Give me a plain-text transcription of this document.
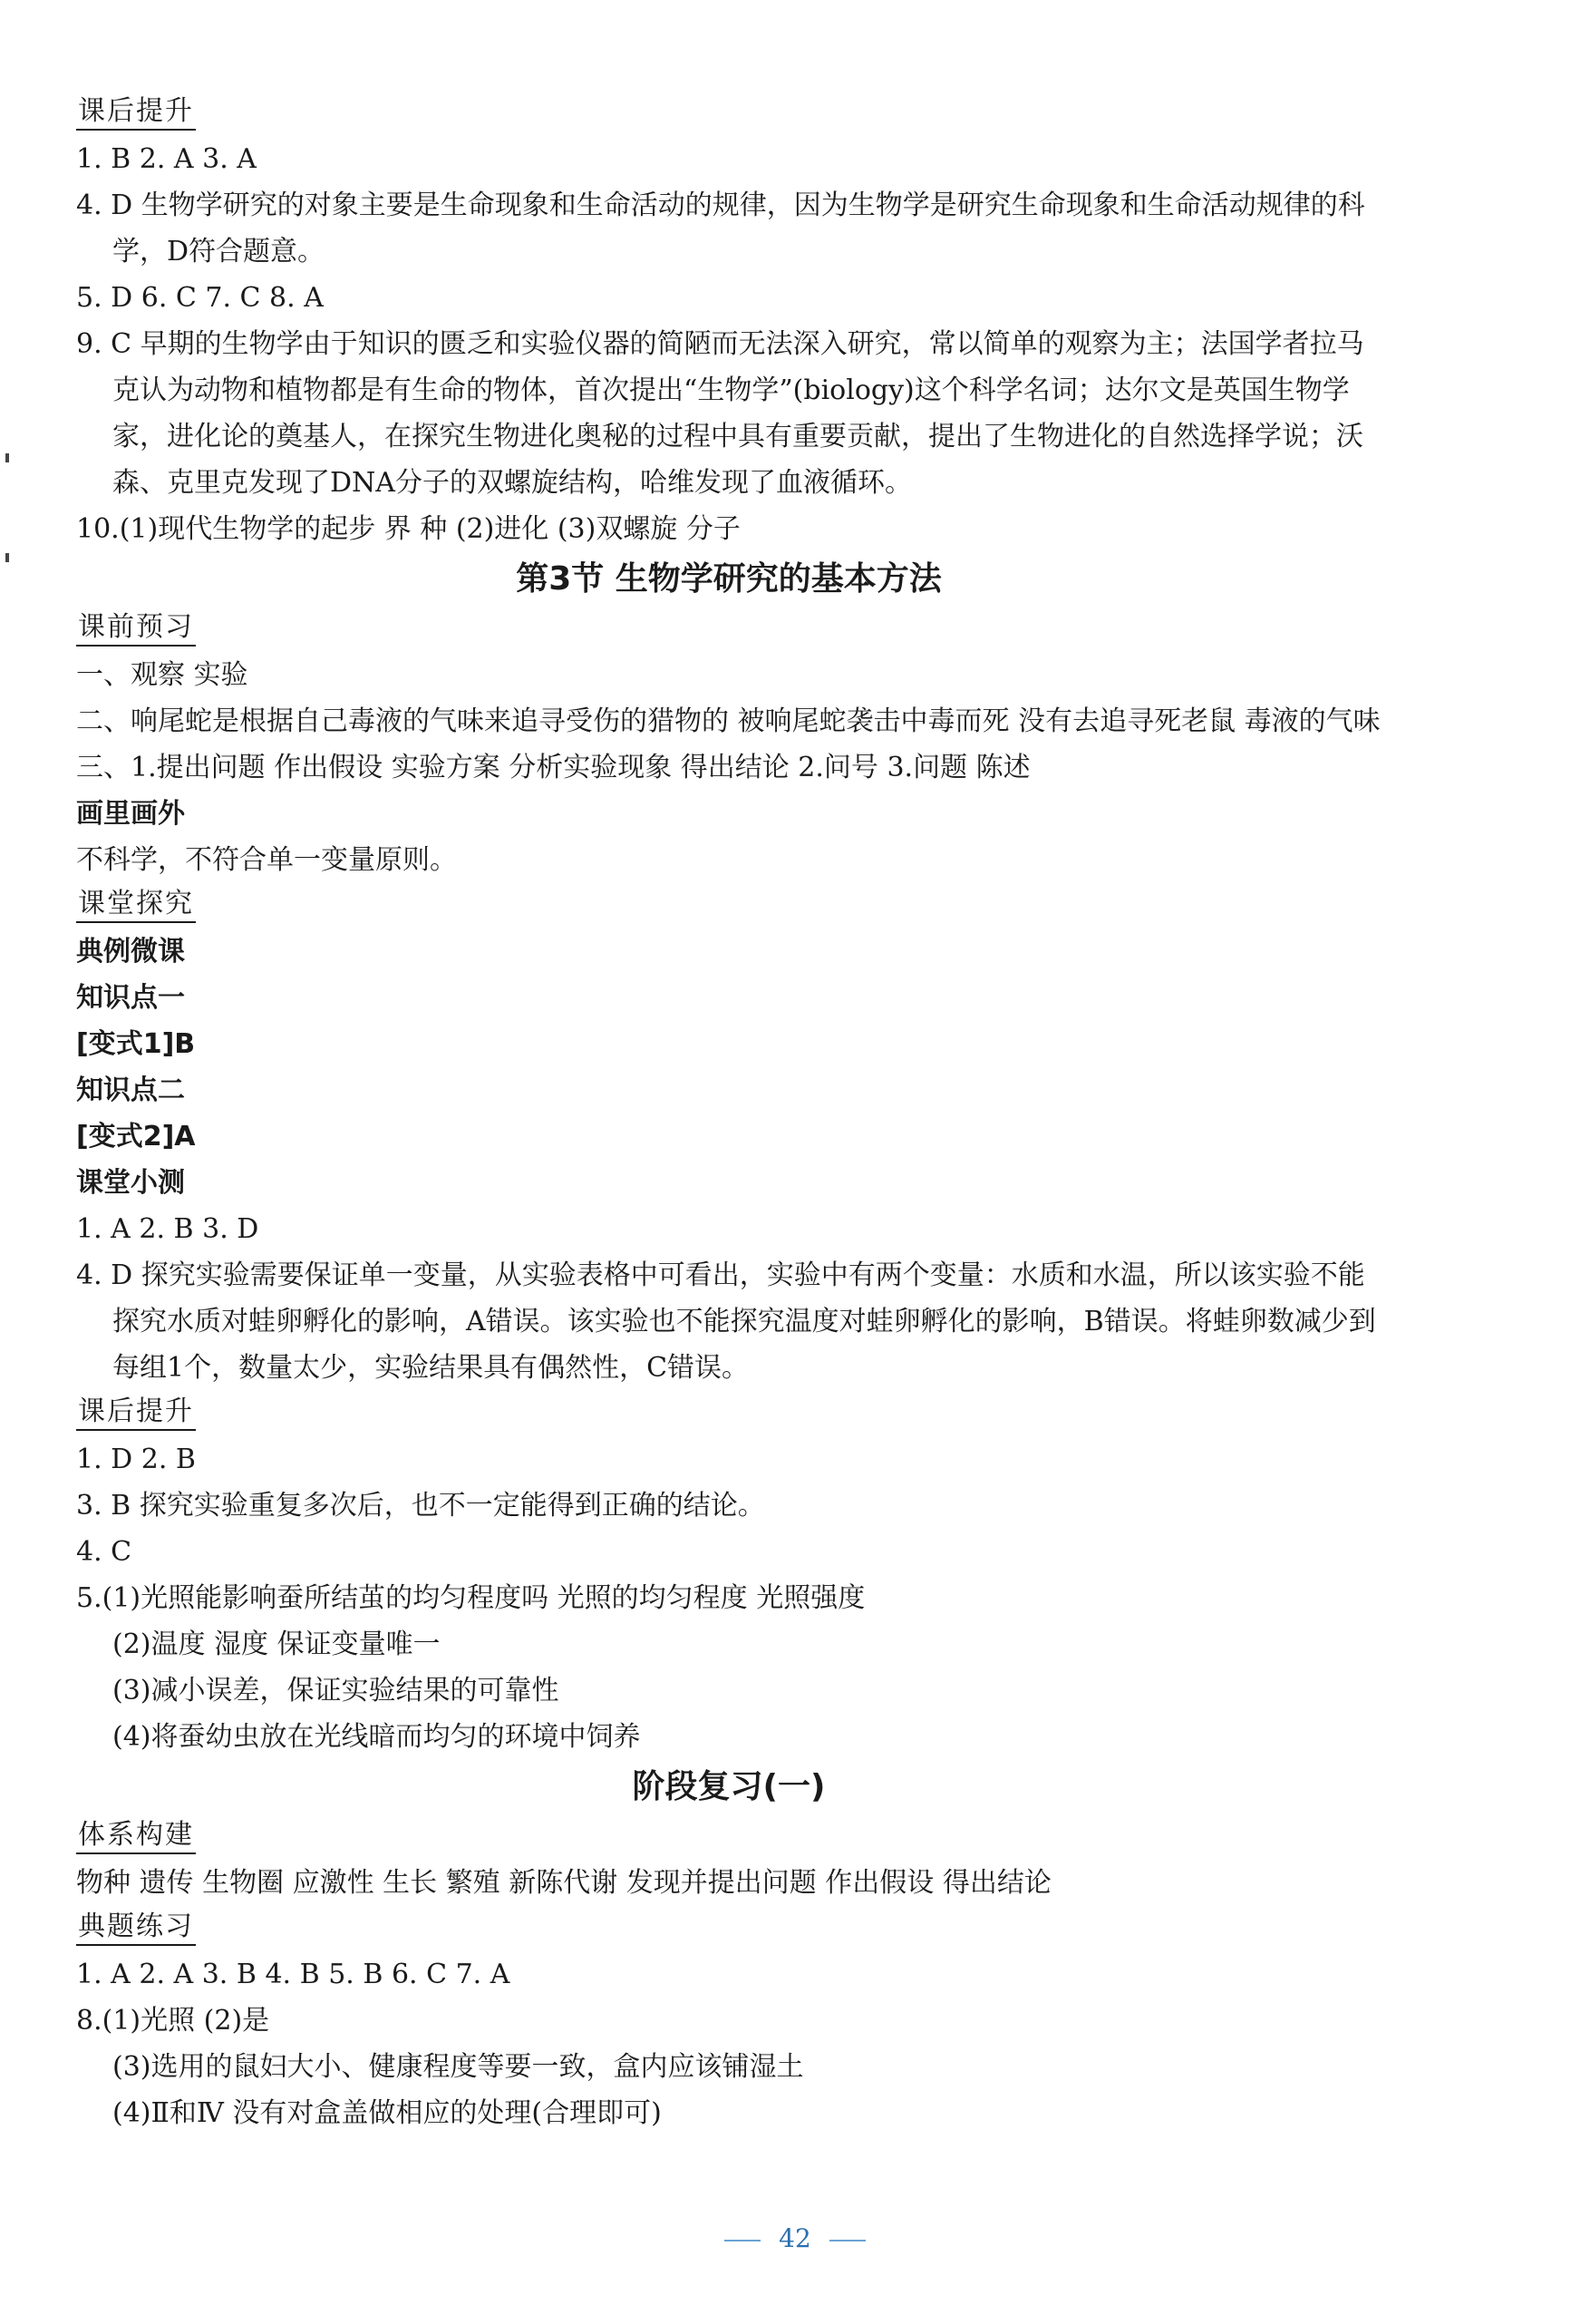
课后提升
1. B 2. A 3. A
4. D 生物学研究的对象主要是生命现象和生命活动的规律，因为生物学是研究生命现象和生命活动规律的科学，D符合题意。
5. D 6. C 7. C 8. A
9. C 早期的生物学由于知识的匮乏和实验仪器的简陋而无法深入研究，常以简单的观察为主；法国学者拉马克认为动物和植物都是有生命的物体，首次提出“生物学”(biology)这个科学名词；达尔文是英国生物学家，进化论的奠基人，在探究生物进化奥秘的过程中具有重要贡献，提出了生物进化的自然选择学说；沃森、克里克发现了DNA分子的双螺旋结构，哈维发现了血液循环。
10.(1)现代生物学的起步 界 种 (2)进化 (3)双螺旋 分子
第3节 生物学研究的基本方法
课前预习
一、观察 实验
二、响尾蛇是根据自己毒液的气味来追寻受伤的猎物的 被响尾蛇袭击中毒而死 没有去追寻死老鼠 毒液的气味
三、1.提出问题 作出假设 实验方案 分析实验现象 得出结论 2.问号 3.问题 陈述
画里画外
不科学，不符合单一变量原则。
课堂探究
典例微课
知识点一
[变式1]B
知识点二
[变式2]A
课堂小测
1. A 2. B 3. D
4. D 探究实验需要保证单一变量，从实验表格中可看出，实验中有两个变量：水质和水温，所以该实验不能探究水质对蛙卵孵化的影响，A错误。该实验也不能探究温度对蛙卵孵化的影响，B错误。将蛙卵数减少到每组1个，数量太少，实验结果具有偶然性，C错误。
课后提升
1. D 2. B
3. B 探究实验重复多次后，也不一定能得到正确的结论。
4. C
5.(1)光照能影响蚕所结茧的均匀程度吗 光照的均匀程度 光照强度
(2)温度 湿度 保证变量唯一
(3)减小误差，保证实验结果的可靠性
(4)将蚕幼虫放在光线暗而均匀的环境中饲养
阶段复习(一)
体系构建
物种 遗传 生物圈 应激性 生长 繁殖 新陈代谢 发现并提出问题 作出假设 得出结论
典题练习
1. A 2. A 3. B 4. B 5. B 6. C 7. A
8.(1)光照 (2)是
(3)选用的鼠妇大小、健康程度等要一致，盒内应该铺湿土
(4)Ⅱ和Ⅳ 没有对盒盖做相应的处理(合理即可)
42
